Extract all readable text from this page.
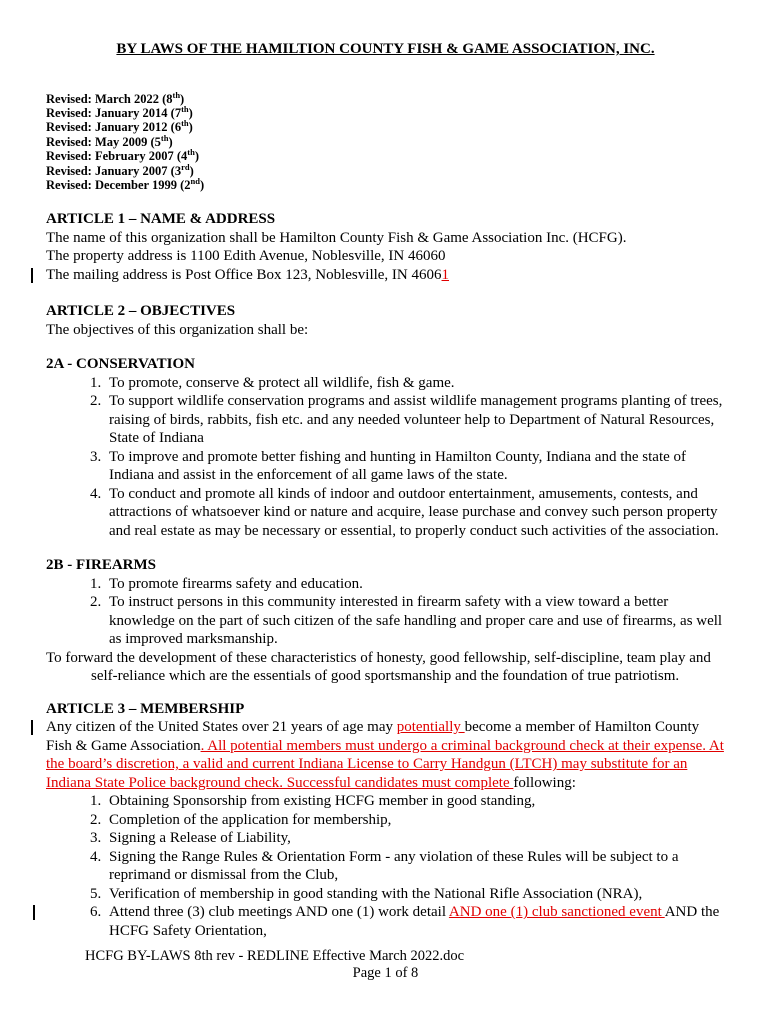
BY LAWS OF THE HAMILTION COUNTY FISH & GAME ASSOCIATION, INC.
Revised: March 2022 (8th)
Revised: January 2014 (7th)
Revised: January 2012 (6th)
Revised: May 2009 (5th)
Revised: February 2007 (4th)
Revised: January 2007 (3rd)
Revised: December 1999 (2nd)
ARTICLE 1 – NAME & ADDRESS

The name of this organization shall be Hamilton County Fish & Game Association Inc. (HCFG).

The property address is 1100 Edith Avenue, Noblesville, IN 46060

The mailing address is Post Office Box 123, Noblesville, IN 46061

ARTICLE 2 – OBJECTIVES

The objectives of this organization shall be:

2A - CONSERVATION
1. To promote, conserve & protect all wildlife, fish & game.
2. To support wildlife conservation programs and assist wildlife management programs planting of trees, raising of birds, rabbits, fish etc. and any needed volunteer help to Department of Natural Resources, State of Indiana
3. To improve and promote better fishing and hunting in Hamilton County, Indiana and the state of Indiana and assist in the enforcement of all game laws of the state.
4. To conduct and promote all kinds of indoor and outdoor entertainment, amusements, contests, and attractions of whatsoever kind or nature and acquire, lease purchase and convey such person property and real estate as may be necessary or essential, to properly conduct such activities of the association.
2B - FIREARMS
1. To promote firearms safety and education.
2. To instruct persons in this community interested in firearm safety with a view toward a better knowledge on the part of such citizen of the safe handling and proper care and use of firearms, as well as improved marksmanship.

To forward the development of these characteristics of honesty, good fellowship, self-discipline, team play and self-reliance which are the essentials of good sportsmanship and the foundation of true patriotism.

ARTICLE 3 – MEMBERSHIP

Any citizen of the United States over 21 years of age may potentially become a member of Hamilton County Fish & Game Association. All potential members must undergo a criminal background check at their expense. At the board’s discretion, a valid and current Indiana License to Carry Handgun (LTCH) may substitute for an Indiana State Police background check. Successful candidates must complete following:

1. Obtaining Sponsorship from existing HCFG member in good standing,
2. Completion of the application for membership,
3. Signing a Release of Liability,
4. Signing the Range Rules & Orientation Form - any violation of these Rules will be subject to a reprimand or dismissal from the Club,
5. Verification of membership in good standing with the National Rifle Association (NRA),
6. Attend three (3) club meetings AND one (1) work detail AND one (1) club sanctioned event AND the HCFG Safety Orientation,
HCFG BY-LAWS 8th rev - REDLINE Effective March 2022.doc
Page 1 of 8
